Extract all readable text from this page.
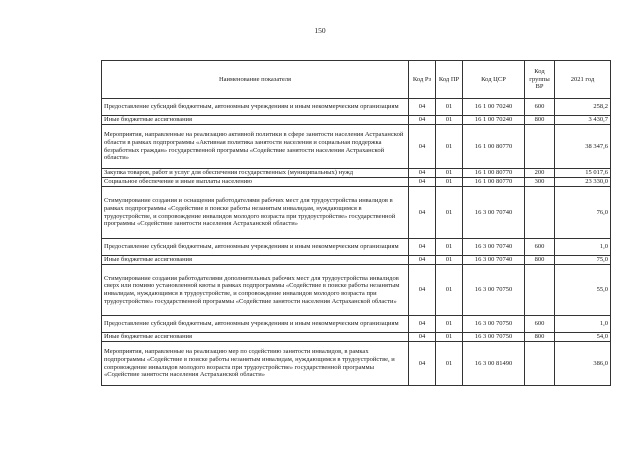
150
Наименование показателя	Код Рз	Код ПР	Код ЦСР	Код группы ВР	2021 год
Предоставление субсидий бюджетным, автономным учреждениям и иным некоммерческим организациям	04	01	16 1 00 70240	600	258,2
Иные бюджетные ассигнования	04	01	16 1 00 70240	800	3 430,7
Мероприятия, направленные на реализацию активной политики в сфере занятости населения Астраханской области в рамках подпрограммы «Активная политика занятости населения и социальная поддержка безработных граждан» государственной программы «Содействие занятости населения Астраханской области»	04	01	16 1 00 80770		38 347,6
Закупка товаров, работ и услуг для обеспечения государственных (муниципальных) нужд	04	01	16 1 00 80770	200	15 017,6
Социальное обеспечение и иные выплаты населению	04	01	16 1 00 80770	300	23 330,0
Стимулирование создания и оснащения работодателями рабочих мест для трудоустройства инвалидов в рамках подпрограммы «Содействие в поиске работы незанятым инвалидам, нуждающимся в трудоустройстве, и сопровождение инвалидов молодого возраста при трудоустройстве» государственной программы «Содействие занятости населения Астраханской области»	04	01	16 3 00 70740		76,0
Предоставление субсидий бюджетным, автономным учреждениям и иным некоммерческим организациям	04	01	16 3 00 70740	600	1,0
Иные бюджетные ассигнования	04	01	16 3 00 70740	800	75,0
Стимулирование создания работодателями дополнительных рабочих мест для трудоустройства инвалидов сверх или помимо установленной квоты в рамках подпрограммы «Содействие в поиске работы незанятым инвалидам, нуждающимся в трудоустройстве, и сопровождение инвалидов молодого возраста при трудоустройстве» государственной программы «Содействие занятости населения Астраханской области»	04	01	16 3 00 70750		55,0
Предоставление субсидий бюджетным, автономным учреждениям и иным некоммерческим организациям	04	01	16 3 00 70750	600	1,0
Иные бюджетные ассигнования	04	01	16 3 00 70750	800	54,0
Мероприятия, направленные на реализацию мер по содействию занятости инвалидов, в рамках подпрограммы «Содействие в поиске работы незанятым инвалидам, нуждающимся в трудоустройстве, и сопровождение инвалидов молодого возраста при трудоустройстве» государственной программы «Содействие занятости населения Астраханской области»	04	01	16 3 00 81490		386,0
